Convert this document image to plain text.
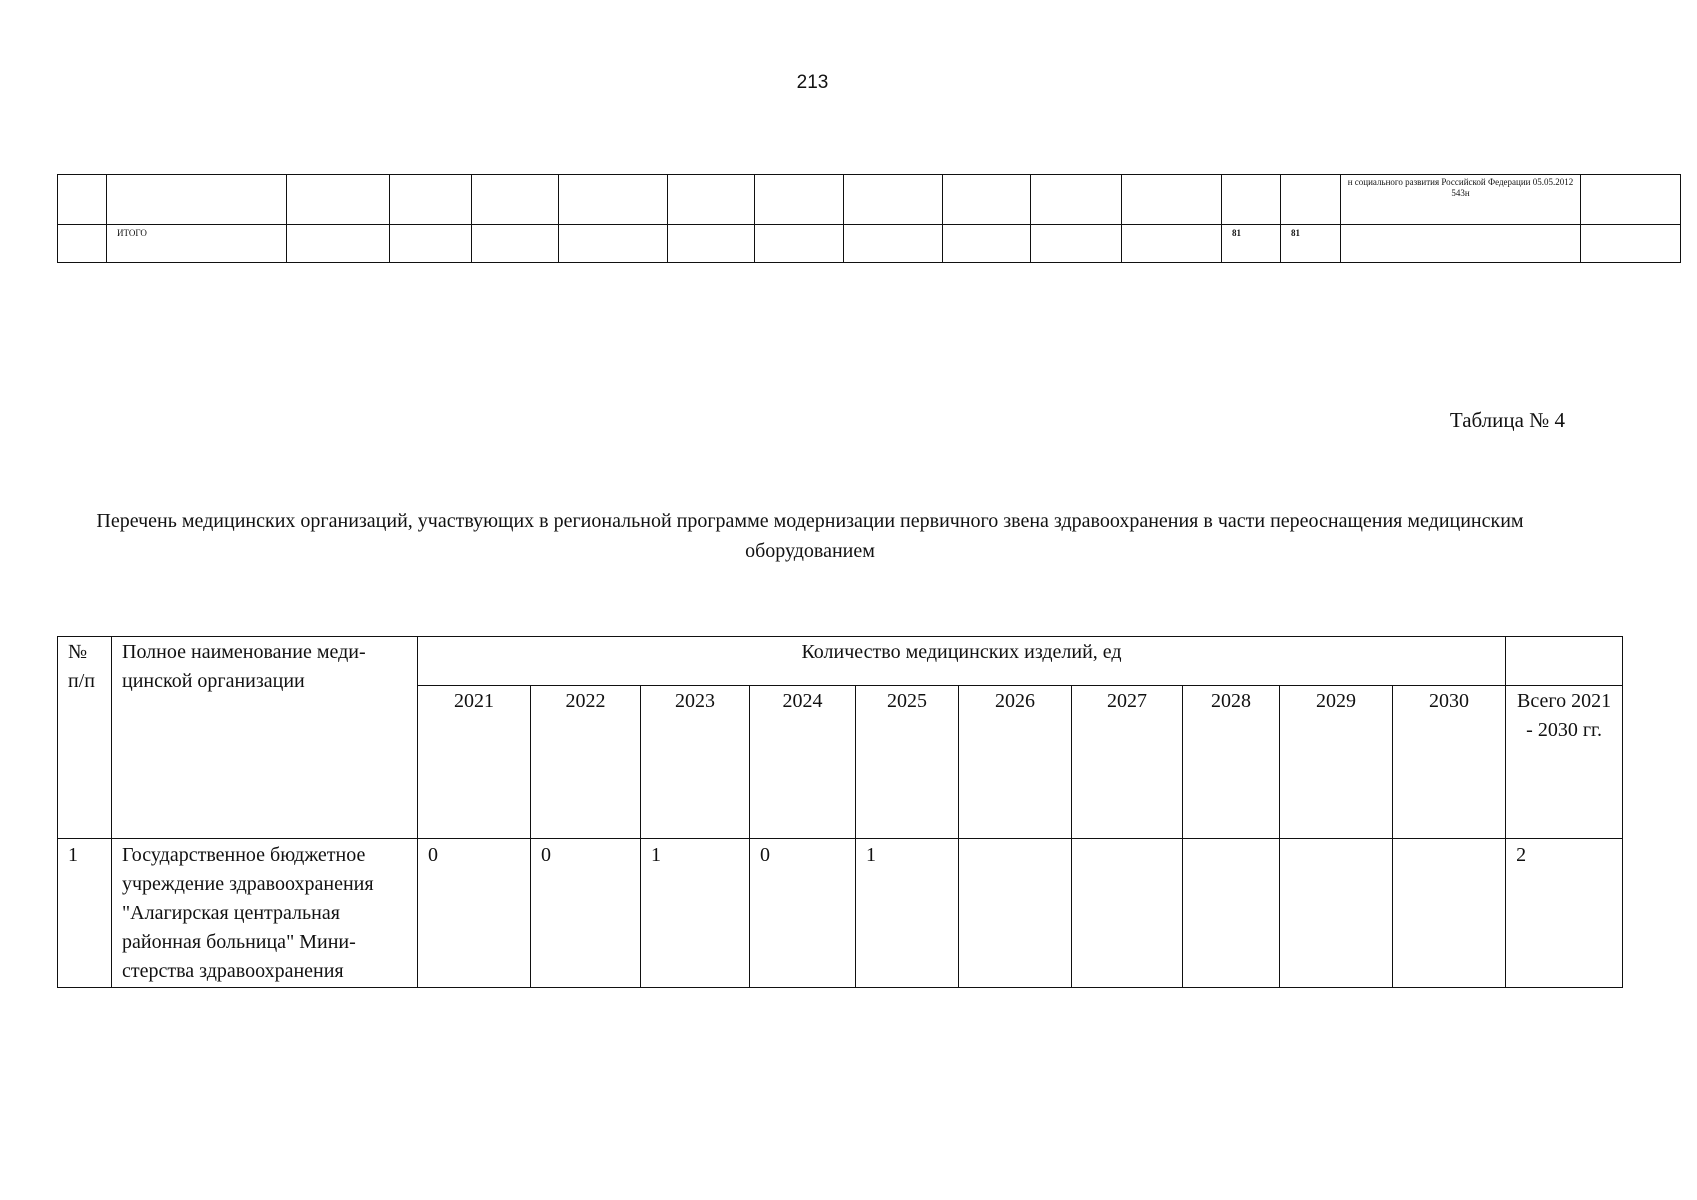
213
														н социального развития Российской Федерации 05.05.2012 543н	
	ИТОГО											81	81		
Таблица № 4
Перечень медицинских организаций, участвующих в региональной программе модернизации первичного звена здравоохранения в части переоснащения медицинским оборудованием
№ п/п	Полное наименование меди-цинской организации	Количество медицинских изделий, ед										
		2021	2022	2023	2024	2025	2026	2027	2028	2029	2030	Всего 2021 - 2030 гг.
1	Государственное бюджетное учреждение здравоохранения "Алагирская центральная районная больница" Мини-стерства здравоохранения	0	0	1	0	1						2
